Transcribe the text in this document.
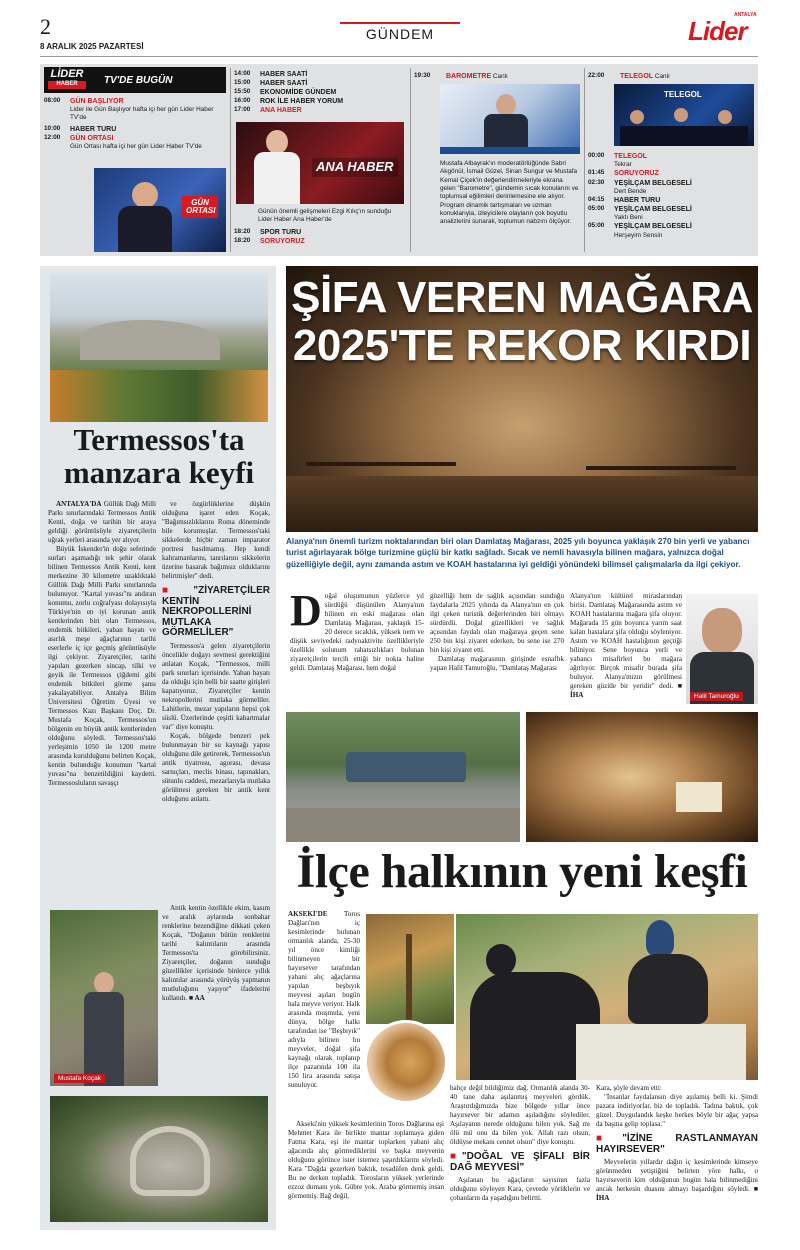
2
8 ARALIK 2025 PAZARTESİ
GÜNDEM	Lider
ANTALYA
LİDER
HABER	TV'DE BUGÜN
08:00	GÜN BAŞLIYOR
Lider ile Gün Başlıyor hafta içi her gün Lider Haber TV'de
10:00	HABER TURU
12:00	GÜN ORTASI
Gün Ortası hafta içi her gün Lider Haber TV'de
GÜN ORTASI
14:00	HABER SAATİ
15:00	HABER SAATİ
15:50	EKONOMİDE GÜNDEM
16:00	ROK İLE HABER YORUM
17:00	ANA HABER
ANA HABER
Günün önemli gelişmeleri Ezgi Kılıç'ın sunduğu Lider Haber Ana Haber'de
18:20	SPOR TURU
18:20	SORUYORUZ
19:30	BAROMETRE Canlı
Mustafa Albayrak'ın moderatörlüğünde Sabri Akgönül, İsmail Güzel, Sinan Sungur ve Mustafa Kemal Çiçek'in değerlendirmeleriyle ekrana gelen "Barometre", gündemin sıcak konularını ve toplumsal eğilimleri derinlemesine ele alıyor. Program dinamik tartışmaları ve uzman konuklarıyla, izleyicilere olayların çok boyutlu analizlerini sunarak, toplumun nabzını ölçüyor.
22:00	TELEGOL Canlı
TELEGOL
00:00	TELEGOL
Tekrar
01:45	SORUYORUZ
02:30	YEŞİLÇAM BELGESELİ
Dert Bende
04:15	HABER TURU
05:00	YEŞİLÇAM BELGESELİ
Yaktı Beni
05:00	YEŞİLÇAM BELGESELİ
Herşeyim Sensin
Termessos'ta
manzara keyfi

ANTALYA'DA Güllük Dağı Milli Parkı sınırlarındaki Termessos Antik Kenti, doğa ve tarihin bir araya geldiği görüntüsüyle ziyaretçilerin uğrak yerleri arasında yer alıyor.

Büyük İskender'in doğu seferinde surları aşamadığı tek şehir olarak bilinen Termessos Antik Kenti, kent merkezine 30 kilometre uzaklıktaki Güllük Dağı Milli Parkı sınırlarında bulunuyor. "Kartal yuvası"nı andıran konumu, zorlu coğrafyası dolayısıyla Türkiye'nin en iyi korunan antik kentlerinden biri olan Termessos, endemik bitkileri, yaban hayatı ve asırlık meşe ağaçlarının tarihi eserlerle iç içe geçmiş görüntüsüyle ilgi çekiyor. Ziyaretçiler, tarihi yapıları gezerken sincap, tilki ve geyik ile Termessos çiğdemi gibi endemik bitkileri görme şansı yakalayabiliyor. Antalya Bilim Üniversitesi Öğretim Üyesi ve Termessos Kazı Başkanı Doç. Dr. Mustafa Koçak, Termessos'un bölgenin en büyük antik kentlerinden olduğunu söyledi. Termessos'taki yerleşimin 1050 ile 1200 metre arasında kurulduğunu belirten Koçak, kentin bulunduğu konumun "kartal yuvası"na benzetildiğini kaydetti. Termessosluların savaşçı

ve özgürlüklerine düşkün olduğuna işaret eden Koçak, "Bağımsızlıklarını Roma döneminde bile korumuşlar. Termessos'taki sikkelerde hiçbir zaman imparator portresi basılmamış. Hep kendi kahramanlarını, tanrılarını sikkelerin üzerine basarak bağımsız olduklarını belirtmişler" dedi.

■"ZİYARETÇİLER KENTİN NEKROPOLLERİNİ MUTLAKA GÖRMELİLER"

Termessos'a gelen ziyaretçilerin öncelikle doğayı sevmesi gerektiğini anlatan Koçak, "Termessos, milli park sınırları içerisinde. Yaban hayatı da olduğu için belli bir saatte girişleri kapatıyoruz. Ziyaretçiler kentin nekropollerini mutlaka görmeliler. Lahitlerin, mezar yapıların hepsi çok süslü. Üzerlerinde çeşitli kabartmalar var" diye konuştu.

Koçak, bölgede benzeri pek bulunmayan bir su kaynağı yapısı olduğunu dile getirerek, Termessos'un antik tiyatrosu, agorası, devasa sarnıçları, meclis binası, tapınakları, sütunlu caddesi, mezarlarıyla mutlaka görülmesi gereken bir antik kent olduğunu anlattı.

Mustafa Koçak

Antik kentin özellikle ekim, kasım ve aralık aylarında sonbahar renklerine bezendiğine dikkati çeken Koçak, "Doğanın bütün renklerini tarihi kalıntıların arasında Termessos'ta görebilirsiniz. Ziyaretçiler, doğanın sunduğu güzellikler içerisinde binlerce yıllık kalıntılar arasında yürüyüş yapmanın mutluluğunu yaşıyor" ifadelerini kullandı. ■ AA

ŞİFA VEREN MAĞARA
2025'TE REKOR KIRDI
Alanya'nın önemli turizm noktalarından biri olan Damlataş Mağarası, 2025 yılı boyunca yaklaşık 270 bin yerli ve yabancı turist ağırlayarak bölge turizmine güçlü bir katkı sağladı. Sıcak ve nemli havasıyla bilinen mağara, yalnızca doğal güzelliğiyle değil, aynı zamanda astım ve KOAH hastalarına iyi geldiği yönündeki bilimsel çalışmalarla da ilgi çekiyor.
Doğal oluşumunun yüzlerce yıl sürdüğü düşünülen Alanya'nın bilinen en eski mağarası olan Damlataş Mağarası, yaklaşık 15-20 derece sıcaklık, yüksek nem ve düşük seviyedeki radyoaktivite özellikleriyle özellikle solunum rahatsızlıkları bulunan ziyaretçilerin tercih ettiği bir nokta haline geldi. Damlataş Mağarası, hem doğal

güzelliği hem de sağlık açısından sunduğu faydalarla 2025 yılında da Alanya'nın en çok ilgi çeken turistik değerlerinden biri olmayı sürdürdü. Doğal güzellikleri ve sağlık açısından faydalı olan mağaraya geçen sene 250 bin kişi ziyaret ederken, bu sene ise 270 bin kişi ziyaret etti.

Damlataş mağarasının girişinde esnaflık yapan Halil Tamuroğlu, "Damlataş Mağarası

Alanya'nın kültürel miraslarından birisi. Damlataş Mağarasında astım ve KOAH hastalarına mağara şifa oluyor. Mağarada 15 gün boyunca yarım saat kalan hastalara şifa olduğu söyleniyor. Astım ve KOAH hastalığının geçtiği biliniyor. Sene boyunca yerli ve yabancı misafirleri bu mağara ağırlıyor. Birçok misafir burada şifa buluyor. Alanya'mızın görülmesi gereken güzide bir yeridir" dedi. ■ İHA	Halil Tamuroğlu
İlçe halkının yeni keşfi

AKSEKİ'DE Toros Dağları'nın iç kesimlerinde bulunan ormanlık alanda, 25-30 yıl önce kimliği bilinmeyen bir hayırsever tarafından yabani alıç ağaçlarına yapılan beşbıyık meyvesi aşıları bugün hala meyve veriyor. Halk arasında muşmula, yeni dünya, bölge halkı tarafından ise "Beşbıyık" adıyla bilinen bu meyveler, doğal şifa kaynağı olarak toplanıp ilçe pazarında 100 ila 150 lira arasında satışa sunuluyor.

Akseki'nin yüksek kesimlerinin Toros Dağlarına eşi Mehmet Kara ile birlikte mantar toplamaya giden Fatma Kara, eşi ile mantar toplarken yabani alıç ağacında alıç görmediklerini ve başka meyvenin olduğunu görünce ister istemez şaşırdıklarını söyledi. Kara "Dağda gezerken baktık, tesadüfen denk geldi. Bu ne derken topladık. Torosların yüksek yerlerinde ezzoz dumanı yok. Gübre yok. Araba görmemiş insan görmemiş. Bağ değil,

bahçe değil bildiğimiz dağ. Ormanlık alanda 30-40 tane daha aşılanmış meyveleri gördük. Araştırdığımızda bize bölgede yıllar önce hayırsever bir adamın aşıladığını söylediler. Aşılayanın nerede olduğunu bilen yok. Sağ mı ölü mü onu da bilen yok. Allah razı olsun, öldüyse mekanı cennet olsun" diye konuştu.

■"DOĞAL VE ŞİFALI BİR DAĞ MEYVESİ"

Aşılanan bu ağaçların sayısının fazla olduğunu söyleyen Kara, çevrede yörüklerin ve çobanların da yaşadığını belirtti.

Kara, şöyle devam etti:

"İnsanlar faydalansın diye aşılamış belli ki. Şimdi pazara indiriyorlar, biz de topladık. Tadına baktık, çok güzel. Duygulandık keşke herkes böyle bir ağaç yapsa da başına gelip toplasa."

■"İZİNE RASTLANMAYAN HAYIRSEVER"

Meyvelerin yıllardır dağın iç kesimlerinde kimseye görünmeden yetiştiğini belirten yöre halkı, o hayırseverin kim olduğunun bugün hala bilinmediğini ancak herkesin duasını almayı başardığını söyledi. ■ İHA
